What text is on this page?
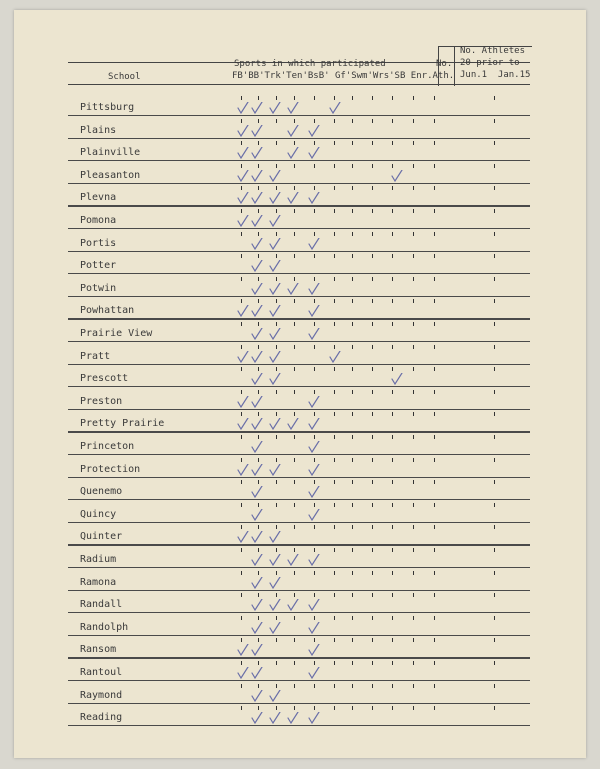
School
Sports in which participated
FB'BB'Trk'Ten'BsB' Gf'Swm'Wrs'SB Enr.Ath.
No.
No. Athletes
20 prior to
Jun.1  Jan.15
Pittsburg
Plains
Plainville
Pleasanton
Plevna
Pomona
Portis
Potter
Potwin
Powhattan
Prairie View
Pratt
Prescott
Preston
Pretty Prairie
Princeton
Protection
Quenemo
Quincy
Quinter
Radium
Ramona
Randall
Randolph
Ransom
Rantoul
Raymond
Reading
